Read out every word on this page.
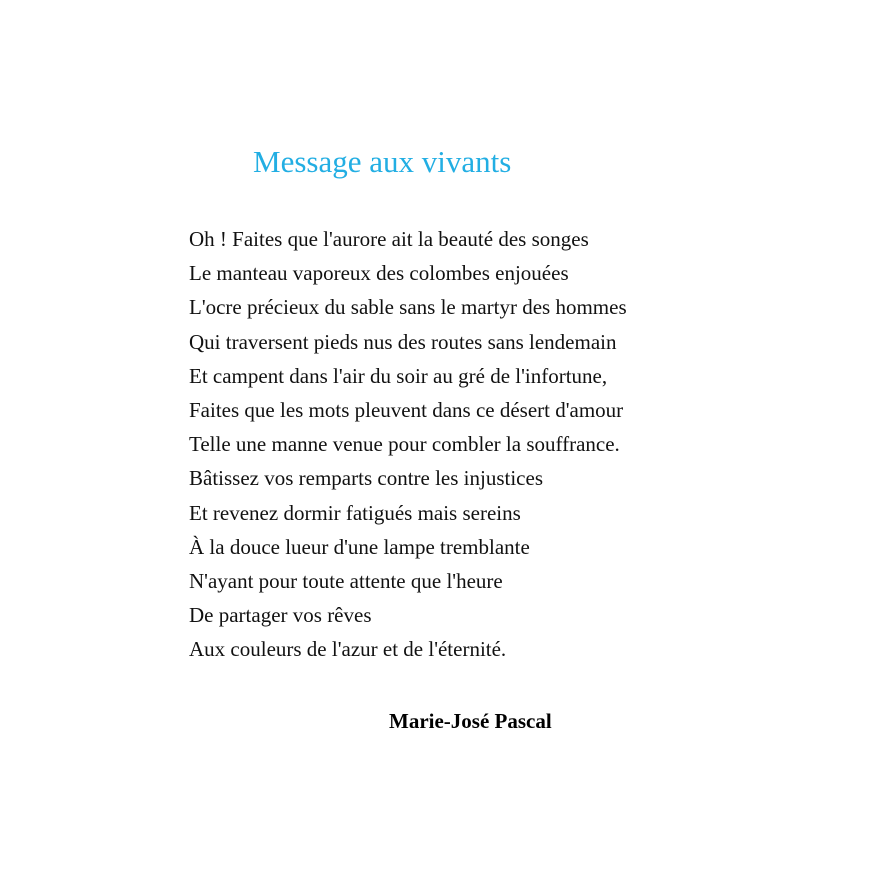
Message aux vivants
Oh ! Faites que l'aurore ait la beauté des songes
Le manteau vaporeux des colombes enjouées
L'ocre précieux du sable sans le martyr des hommes
Qui traversent pieds nus des routes sans lendemain
Et campent dans l'air du soir au gré de l'infortune,
Faites que les mots pleuvent dans ce désert d'amour
Telle une manne venue pour combler la souffrance.
Bâtissez vos remparts contre les injustices
Et revenez dormir fatigués mais sereins
À la douce lueur d'une lampe tremblante
N'ayant pour toute attente que l'heure
De partager vos rêves
Aux couleurs de l'azur et de l'éternité.

Marie-José Pascal
